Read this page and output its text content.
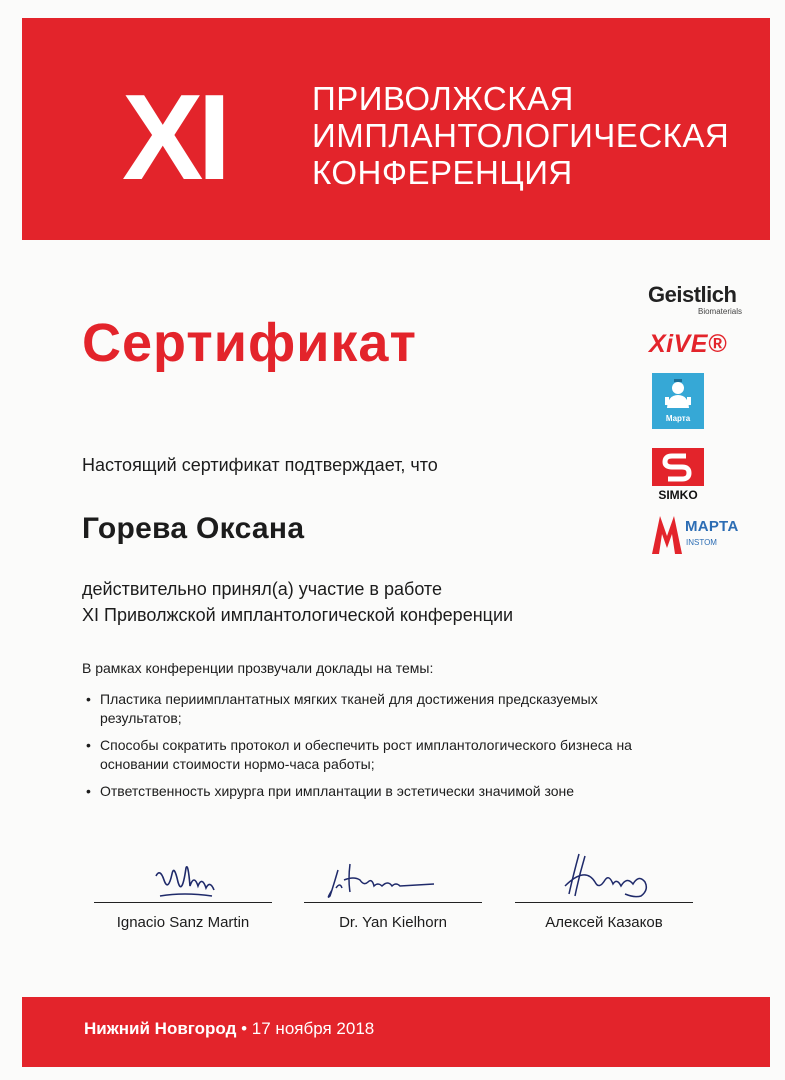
XI	ПРИВОЛЖСКАЯ
ИМПЛАНТОЛОГИЧЕСКАЯ
КОНФЕРЕНЦИЯ
Geistlich
Biomaterials
XiVE®
Марта
SIMKO
МАРТА
INSTOM
Сертификат
Настоящий сертификат подтверждает, что
Горева Оксана
действительно принял(а) участие в работе
XI Приволжской имплантологической конференции
В рамках конференции прозвучали доклады на темы:
• Пластика периимплантатных мягких тканей для достижения предсказуемых результатов;
• Способы сократить протокол и обеспечить рост имплантологического бизнеса на основании стоимости нормо-часа работы;
• Ответственность хирурга при имплантации в эстетически значимой зоне
Ignacio Sanz Martin	Dr. Yan Kielhorn	Алексей Казаков
Нижний Новгород • 17 ноября 2018
